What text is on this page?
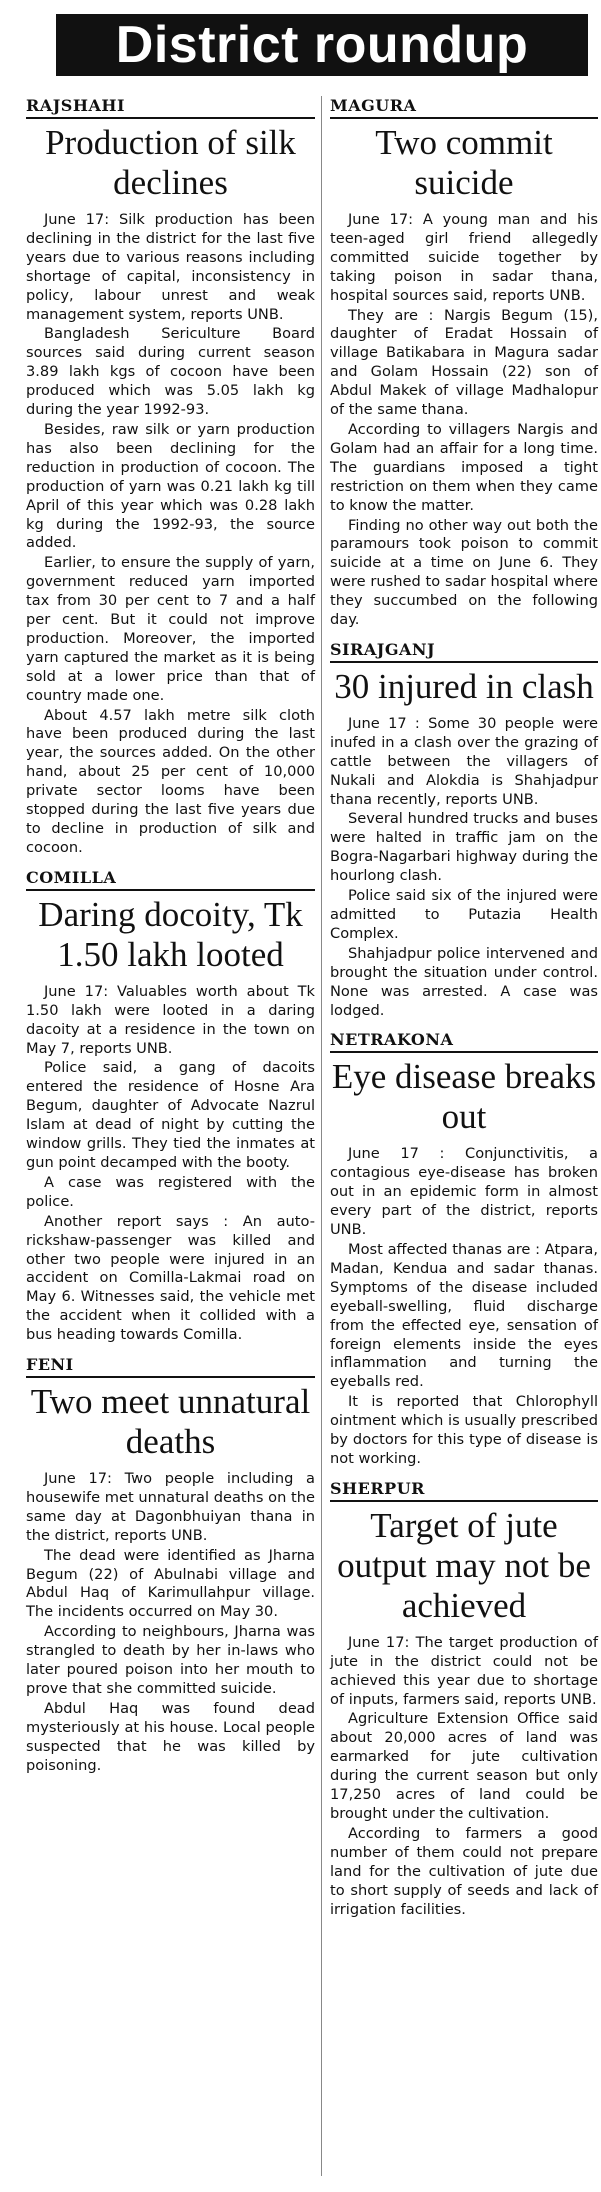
District roundup
RAJSHAHI
Production of silk declines

June 17: Silk production has been declining in the district for the last five years due to various reasons including shortage of capital, inconsistency in policy, labour unrest and weak management system, reports UNB.

Bangladesh Sericulture Board sources said during current season 3.89 lakh kgs of cocoon have been produced which was 5.05 lakh kg during the year 1992-93.

Besides, raw silk or yarn production has also been declining for the reduction in production of cocoon. The production of yarn was 0.21 lakh kg till April of this year which was 0.28 lakh kg during the 1992-93, the source added.

Earlier, to ensure the supply of yarn, government reduced yarn imported tax from 30 per cent to 7 and a half per cent. But it could not improve production. Moreover, the imported yarn captured the market as it is being sold at a lower price than that of country made one.

About 4.57 lakh metre silk cloth have been produced during the last year, the sources added. On the other hand, about 25 per cent of 10,000 private sector looms have been stopped during the last five years due to decline in production of silk and cocoon.

COMILLA
Daring docoity, Tk 1.50 lakh looted

June 17: Valuables worth about Tk 1.50 lakh were looted in a daring dacoity at a residence in the town on May 7, reports UNB.

Police said, a gang of dacoits entered the residence of Hosne Ara Begum, daughter of Advocate Nazrul Islam at dead of night by cutting the window grills. They tied the inmates at gun point decamped with the booty.

A case was registered with the police.

Another report says : An auto-rickshaw-passenger was killed and other two people were injured in an accident on Comilla-Lakmai road on May 6. Witnesses said, the vehicle met the accident when it collided with a bus heading towards Comilla.

FENI
Two meet unnatural deaths

June 17: Two people including a housewife met unnatural deaths on the same day at Dagonbhuiyan thana in the district, reports UNB.

The dead were identified as Jharna Begum (22) of Abulnabi village and Abdul Haq of Karimullahpur village. The incidents occurred on May 30.

According to neighbours, Jharna was strangled to death by her in-laws who later poured poison into her mouth to prove that she committed suicide.

Abdul Haq was found dead mysteriously at his house. Local people suspected that he was killed by poisoning.

MAGURA
Two commit suicide

June 17: A young man and his teen-aged girl friend allegedly committed suicide together by taking poison in sadar thana, hospital sources said, reports UNB.

They are : Nargis Begum (15), daughter of Eradat Hossain of village Batikabara in Magura sadar and Golam Hossain (22) son of Abdul Makek of village Madhalopur of the same thana.

According to villagers Nargis and Golam had an affair for a long time. The guardians imposed a tight restriction on them when they came to know the matter.

Finding no other way out both the paramours took poison to commit suicide at a time on June 6. They were rushed to sadar hospital where they succumbed on the following day.

SIRAJGANJ
30 injured in clash

June 17 : Some 30 people were inufed in a clash over the grazing of cattle between the villagers of Nukali and Alokdia is Shahjadpur thana recently, reports UNB.

Several hundred trucks and buses were halted in traffic jam on the Bogra-Nagarbari highway during the hourlong clash.

Police said six of the injured were admitted to Putazia Health Complex.

Shahjadpur police intervened and brought the situation under control. None was arrested. A case was lodged.

NETRAKONA
Eye disease breaks out

June 17 : Conjunctivitis, a contagious eye-disease has broken out in an epidemic form in almost every part of the district, reports UNB.

Most affected thanas are : Atpara, Madan, Kendua and sadar thanas. Symptoms of the disease included eyeball-swelling, fluid discharge from the effected eye, sensation of foreign elements inside the eyes inflammation and turning the eyeballs red.

It is reported that Chlorophyll ointment which is usually prescribed by doctors for this type of disease is not working.

SHERPUR
Target of jute output may not be achieved

June 17: The target production of jute in the district could not be achieved this year due to shortage of inputs, farmers said, reports UNB.

Agriculture Extension Office said about 20,000 acres of land was earmarked for jute cultivation during the current season but only 17,250 acres of land could be brought under the cultivation.

According to farmers a good number of them could not prepare land for the cultivation of jute due to short supply of seeds and lack of irrigation facilities.
